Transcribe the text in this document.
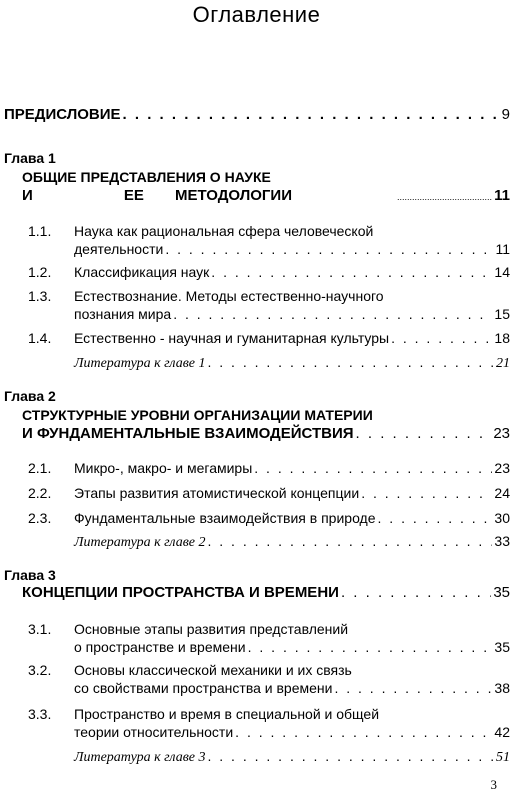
Оглавление
ПРЕДИСЛОВИЕ . . .	9
Глава 1
ОБЩИЕ ПРЕДСТАВЛЕНИЯ О НАУКЕ
И	ЕЕ МЕТОДОЛОГИИ .....	11
1.1. Наука как рациональная сфера человеческой
деятельности . . .	11
1.2. Классификация наук . . .	14
1.3. Естествознание. Методы естественно-научного
познания мира . . .	15
1.4. Естественно - научная и гуманитарная культуры . . .	18
Литература к главе 1 . . .	21
Глава 2
СТРУКТУРНЫЕ УРОВНИ ОРГАНИЗАЦИИ МАТЕРИИ
И ФУНДАМЕНТАЛЬНЫЕ ВЗАИМОДЕЙСТВИЯ . . .	23
2.1. Микро-, макро- и мегамиры . . .	23
2.2. Этапы развития атомистической концепции . . .	24
2.3. Фундаментальные взаимодействия в природе . . .	30
Литература к главе 2 . . .	33
Глава 3
КОНЦЕПЦИИ ПРОСТРАНСТВА И ВРЕМЕНИ . . .	35
3.1. Основные этапы развития представлений
о пространстве и времени . . .	35
3.2. Основы классической механики и их связь
со свойствами пространства и времени . . .	38
3.3. Пространство и время в специальной и общей
теории относительности . . .	42
Литература к главе 3 . . .	51
3
